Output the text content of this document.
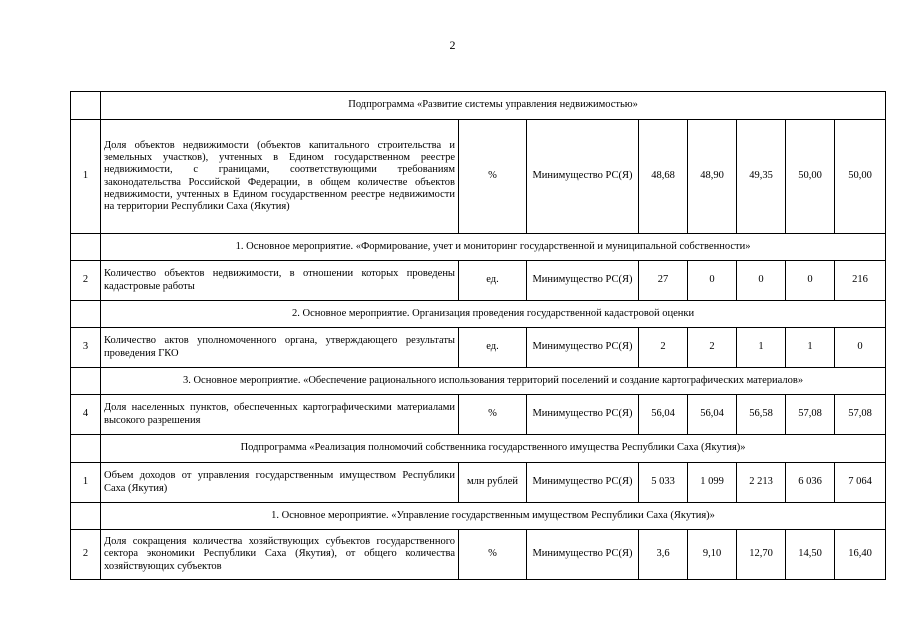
2
	Подпрограмма «Развитие системы управления недвижимостью»							
1	Доля объектов недвижимости (объектов капитального строительства и земельных участков), учтенных в Едином государственном реестре недвижимости, с границами, соответствующими требованиям законодательства Российской Федерации, в общем количестве объектов недвижимости, учтенных в Едином государственном реестре недвижимости на территории Республики Саха (Якутия)	%	Минимущество РС(Я)	48,68	48,90	49,35	50,00	50,00
	1. Основное мероприятие. «Формирование, учет и мониторинг государственной и муниципальной собственности»							
2	Количество объектов недвижимости, в отношении которых проведены кадастровые работы	ед.	Минимущество РС(Я)	27	0	0	0	216
	2. Основное мероприятие. Организация проведения государственной кадастровой оценки							
3	Количество актов уполномоченного органа, утверждающего результаты проведения ГКО	ед.	Минимущество РС(Я)	2	2	1	1	0
	3. Основное мероприятие. «Обеспечение рационального использования территорий поселений и создание картографических материалов»							
4	Доля населенных пунктов, обеспеченных картографическими материалами высокого разрешения	%	Минимущество РС(Я)	56,04	56,04	56,58	57,08	57,08
	Подпрограмма «Реализация полномочий собственника государственного имущества Республики Саха (Якутия)»							
1	Объем доходов от управления государственным имуществом Республики Саха (Якутия)	млн рублей	Минимущество РС(Я)	5 033	1 099	2 213	6 036	7 064
	1. Основное мероприятие. «Управление государственным имуществом Республики Саха (Якутия)»							
2	Доля сокращения количества хозяйствующих субъектов государственного сектора экономики Республики Саха (Якутия), от общего количества хозяйствующих субъектов	%	Минимущество РС(Я)	3,6	9,10	12,70	14,50	16,40
